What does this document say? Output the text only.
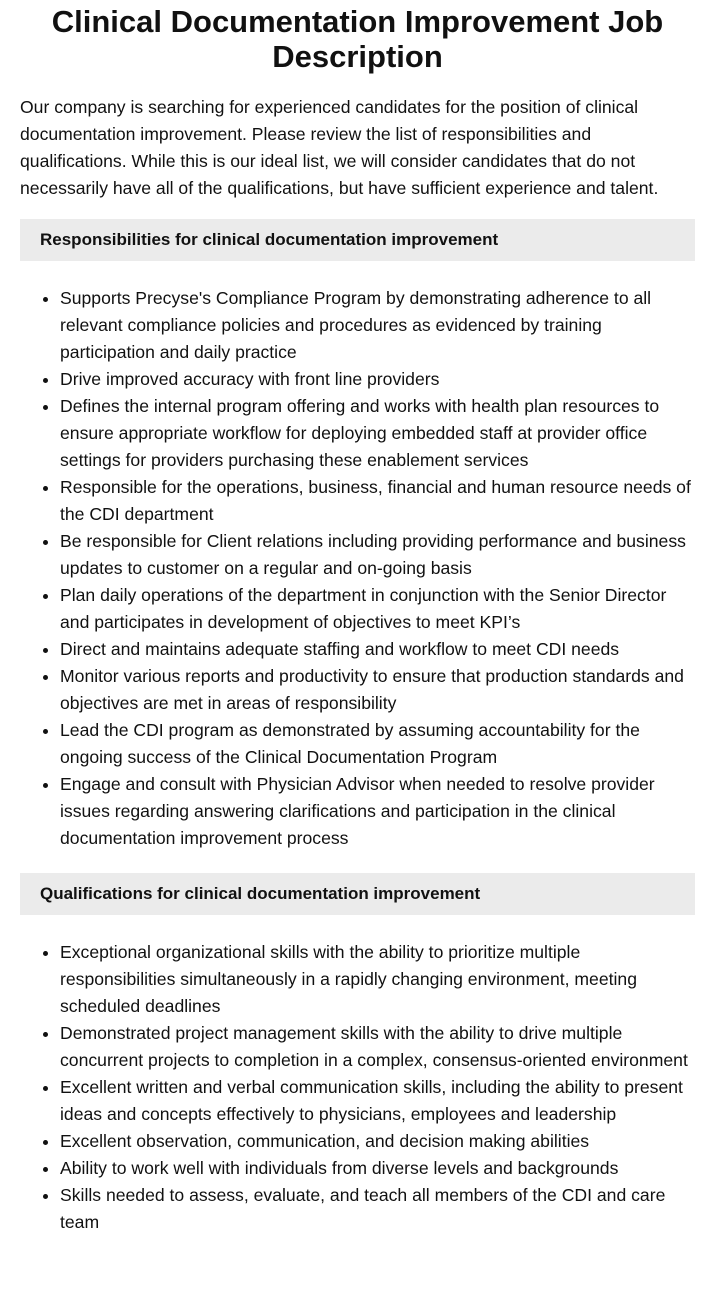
Clinical Documentation Improvement Job Description

Our company is searching for experienced candidates for the position of clinical documentation improvement. Please review the list of responsibilities and qualifications. While this is our ideal list, we will consider candidates that do not necessarily have all of the qualifications, but have sufficient experience and talent.

Responsibilities for clinical documentation improvement
• Supports Precyse's Compliance Program by demonstrating adherence to all relevant compliance policies and procedures as evidenced by training participation and daily practice
• Drive improved accuracy with front line providers
• Defines the internal program offering and works with health plan resources to ensure appropriate workflow for deploying embedded staff at provider office settings for providers purchasing these enablement services
• Responsible for the operations, business, financial and human resource needs of the CDI department
• Be responsible for Client relations including providing performance and business updates to customer on a regular and on-going basis
• Plan daily operations of the department in conjunction with the Senior Director and participates in development of objectives to meet KPI’s
• Direct and maintains adequate staffing and workflow to meet CDI needs
• Monitor various reports and productivity to ensure that production standards and objectives are met in areas of responsibility
• Lead the CDI program as demonstrated by assuming accountability for the ongoing success of the Clinical Documentation Program
• Engage and consult with Physician Advisor when needed to resolve provider issues regarding answering clarifications and participation in the clinical documentation improvement process
Qualifications for clinical documentation improvement
• Exceptional organizational skills with the ability to prioritize multiple responsibilities simultaneously in a rapidly changing environment, meeting scheduled deadlines
• Demonstrated project management skills with the ability to drive multiple concurrent projects to completion in a complex, consensus-oriented environment
• Excellent written and verbal communication skills, including the ability to present ideas and concepts effectively to physicians, employees and leadership
• Excellent observation, communication, and decision making abilities
• Ability to work well with individuals from diverse levels and backgrounds
• Skills needed to assess, evaluate, and teach all members of the CDI and care team
